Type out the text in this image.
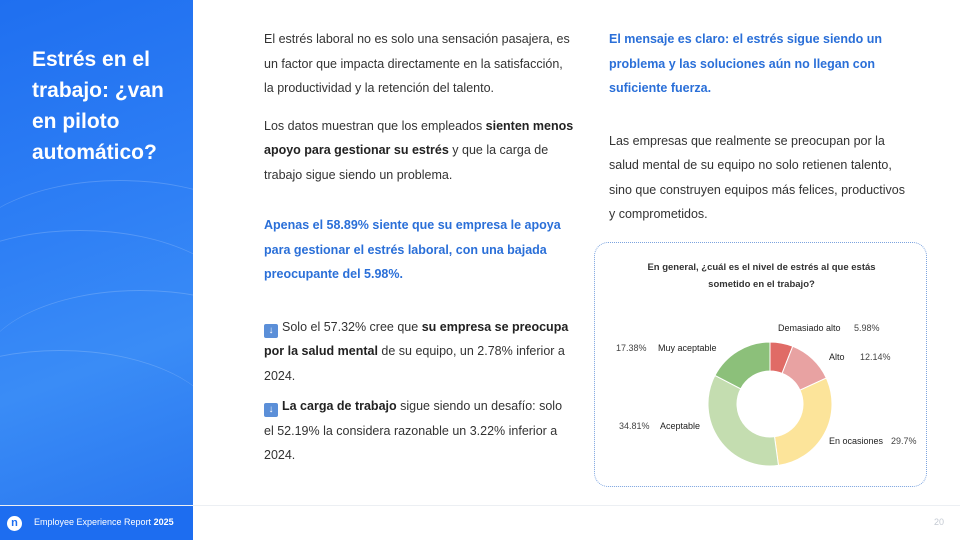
Estrés en el trabajo: ¿van en piloto automático?

El estrés laboral no es solo una sensación pasajera, es un factor que impacta directamente en la satisfacción, la productividad y la retención del talento.

Los datos muestran que los empleados sienten menos apoyo para gestionar su estrés y que la carga de trabajo sigue siendo un problema.

Apenas el 58.89% siente que su empresa le apoya para gestionar el estrés laboral, con una bajada preocupante del 5.98%.

↓ Solo el 57.32% cree que su empresa se preocupa por la salud mental de su equipo, un 2.78% inferior a 2024.

↓ La carga de trabajo sigue siendo un desafío: solo el 52.19% la considera razonable un 3.22% inferior a 2024.

El mensaje es claro: el estrés sigue siendo un problema y las soluciones aún no llegan con suficiente fuerza.

Las empresas que realmente se preocupan por la salud mental de su equipo no solo retienen talento, sino que construyen equipos más felices, productivos y comprometidos.

En general, ¿cuál es el nivel de estrés al que estás sometido en el trabajo?
Demasiado alto 5.98%
Alto 12.14%
En ocasiones 29.7%
Aceptable
34.81%
Muy aceptable
17.38%
n	Employee Experience Report 2025	20
